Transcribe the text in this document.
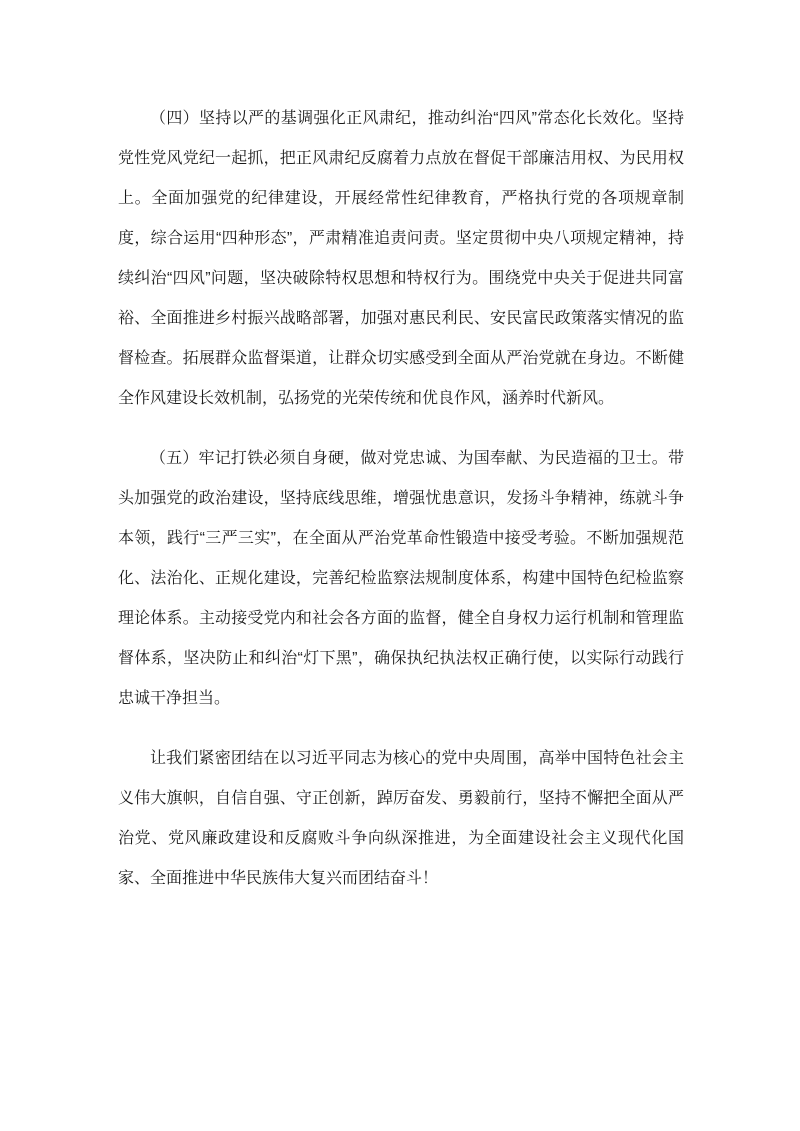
（四）坚持以严的基调强化正风肃纪，推动纠治“四风”常态化长效化。坚持党性党风党纪一起抓，把正风肃纪反腐着力点放在督促干部廉洁用权、为民用权上。全面加强党的纪律建设，开展经常性纪律教育，严格执行党的各项规章制度，综合运用“四种形态”，严肃精准追责问责。坚定贯彻中央八项规定精神，持续纠治“四风”问题，坚决破除特权思想和特权行为。围绕党中央关于促进共同富裕、全面推进乡村振兴战略部署，加强对惠民利民、安民富民政策落实情况的监督检查。拓展群众监督渠道，让群众切实感受到全面从严治党就在身边。不断健全作风建设长效机制，弘扬党的光荣传统和优良作风，涵养时代新风。

（五）牢记打铁必须自身硬，做对党忠诚、为国奉献、为民造福的卫士。带头加强党的政治建设，坚持底线思维，增强忧患意识，发扬斗争精神，练就斗争本领，践行“三严三实”，在全面从严治党革命性锻造中接受考验。不断加强规范化、法治化、正规化建设，完善纪检监察法规制度体系，构建中国特色纪检监察理论体系。主动接受党内和社会各方面的监督，健全自身权力运行机制和管理监督体系，坚决防止和纠治“灯下黑”，确保执纪执法权正确行使，以实际行动践行忠诚干净担当。

让我们紧密团结在以习近平同志为核心的党中央周围，高举中国特色社会主义伟大旗帜，自信自强、守正创新，踔厉奋发、勇毅前行，坚持不懈把全面从严治党、党风廉政建设和反腐败斗争向纵深推进，为全面建设社会主义现代化国家、全面推进中华民族伟大复兴而团结奋斗！
